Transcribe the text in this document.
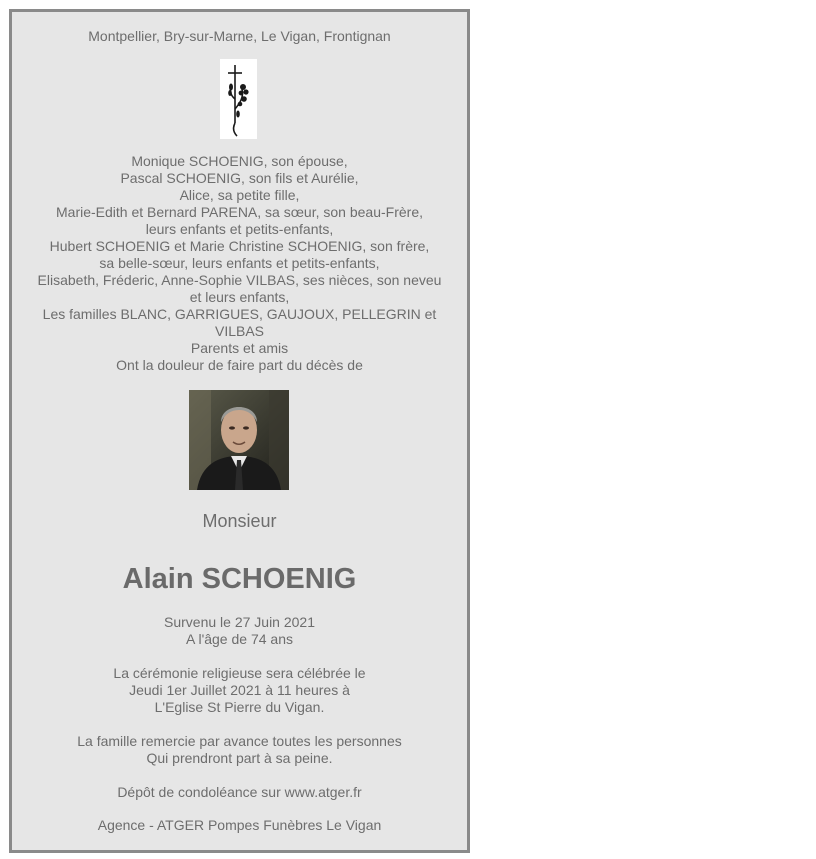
Montpellier, Bry-sur-Marne, Le Vigan, Frontignan
Monique SCHOENIG, son épouse,
Pascal SCHOENIG, son fils et Aurélie,
Alice, sa petite fille,
Marie-Edith et Bernard PARENA, sa sœur, son beau-Frère,
leurs enfants et petits-enfants,
Hubert SCHOENIG et Marie Christine SCHOENIG, son frère,
sa belle-sœur, leurs enfants et petits-enfants,
Elisabeth, Fréderic, Anne-Sophie VILBAS, ses nièces, son neveu
et leurs enfants,
Les familles BLANC, GARRIGUES, GAUJOUX, PELLEGRIN et
VILBAS
Parents et amis
Ont la douleur de faire part du décès de
Monsieur
Alain SCHOENIG
Survenu le 27 Juin 2021
A l'âge de 74 ans
La cérémonie religieuse sera célébrée le
Jeudi 1er Juillet 2021 à 11 heures à
L'Eglise St Pierre du Vigan.
La famille remercie par avance toutes les personnes
Qui prendront part à sa peine.
Dépôt de condoléance sur www.atger.fr
Agence - ATGER Pompes Funèbres Le Vigan
